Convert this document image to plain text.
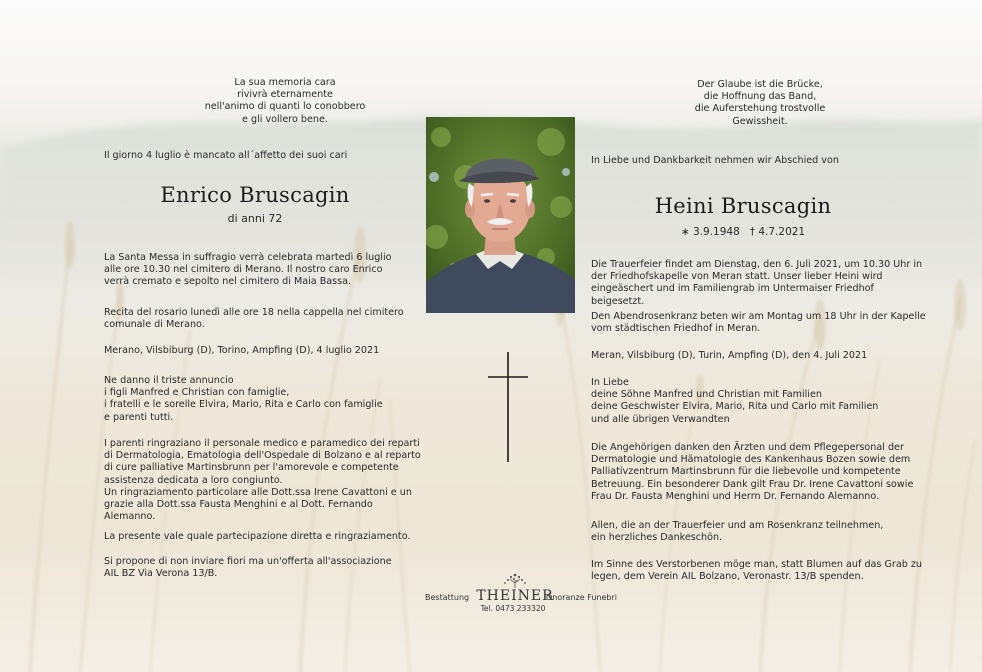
La sua memoria cara
rivivrà eternamente
nell'animo di quanti lo conobbero
e gli vollero bene.
Il giorno 4 luglio è mancato all´affetto dei suoi cari
Enrico Bruscagin
di anni 72
La Santa Messa in suffragio verrà celebrata martedì 6 luglio
alle ore 10.30 nel cimitero di Merano. Il nostro caro Enrico
verrà cremato e sepolto nel cimitero di Maia Bassa.
Recita del rosario lunedì alle ore 18 nella cappella nel cimitero
comunale di Merano.
Merano, Vilsbiburg (D), Torino, Ampfing (D), 4 luglio 2021
Ne danno il triste annuncio
i figli Manfred e Christian con famiglie,
i fratelli e le sorelle Elvira, Mario, Rita e Carlo con famiglie
e parenti tutti.
I parenti ringraziano il personale medico e paramedico dei reparti
di Dermatologia, Ematologia dell'Ospedale di Bolzano e al reparto
di cure palliative Martinsbrunn per l'amorevole e competente
assistenza dedicata a loro congiunto.
Un ringraziamento particolare alle Dott.ssa Irene Cavattoni e un
grazie alla Dott.ssa Fausta Menghini e al Dott. Fernando Alemanno.
La presente vale quale partecipazione diretta e ringraziamento.
Si propone di non inviare fiori ma un'offerta all'associazione
AIL BZ Via Verona 13/B.
Der Glaube ist die Brücke,
die Hoffnung das Band,
die Auferstehung trostvolle
Gewissheit.
In Liebe und Dankbarkeit nehmen wir Abschied von
Heini Bruscagin
∗ 3.9.1948   † 4.7.2021
Die Trauerfeier findet am Dienstag, den 6. Juli 2021, um 10.30 Uhr in
der Friedhofskapelle von Meran statt. Unser lieber Heini wird
eingeäschert und im Familiengrab im Untermaiser Friedhof beigesetzt.
Den Abendrosenkranz beten wir am Montag um 18 Uhr in der Kapelle
vom städtischen Friedhof in Meran.
Meran, Vilsbiburg (D), Turin, Ampfing (D), den 4. Juli 2021
In Liebe
deine Söhne Manfred und Christian mit Familien
deine Geschwister Elvira, Mario, Rita und Carlo mit Familien
und alle übrigen Verwandten
Die Angehörigen danken den Ärzten und dem Pflegepersonal der
Dermatologie und Hämatologie des Kankenhaus Bozen sowie dem
Palliativzentrum Martinsbrunn für die liebevolle und kompetente
Betreuung. Ein besonderer Dank gilt Frau Dr. Irene Cavattoni sowie
Frau Dr. Fausta Menghini und Herrn Dr. Fernando Alemanno.
Allen, die an der Trauerfeier und am Rosenkranz teilnehmen,
ein herzliches Dankeschön.
Im Sinne des Verstorbenen möge man, statt Blumen auf das Grab zu
legen, dem Verein AIL Bolzano, Veronastr. 13/B spenden.
Bestattung THEINER
Tel. 0473 233320
Onoranze Funebri
